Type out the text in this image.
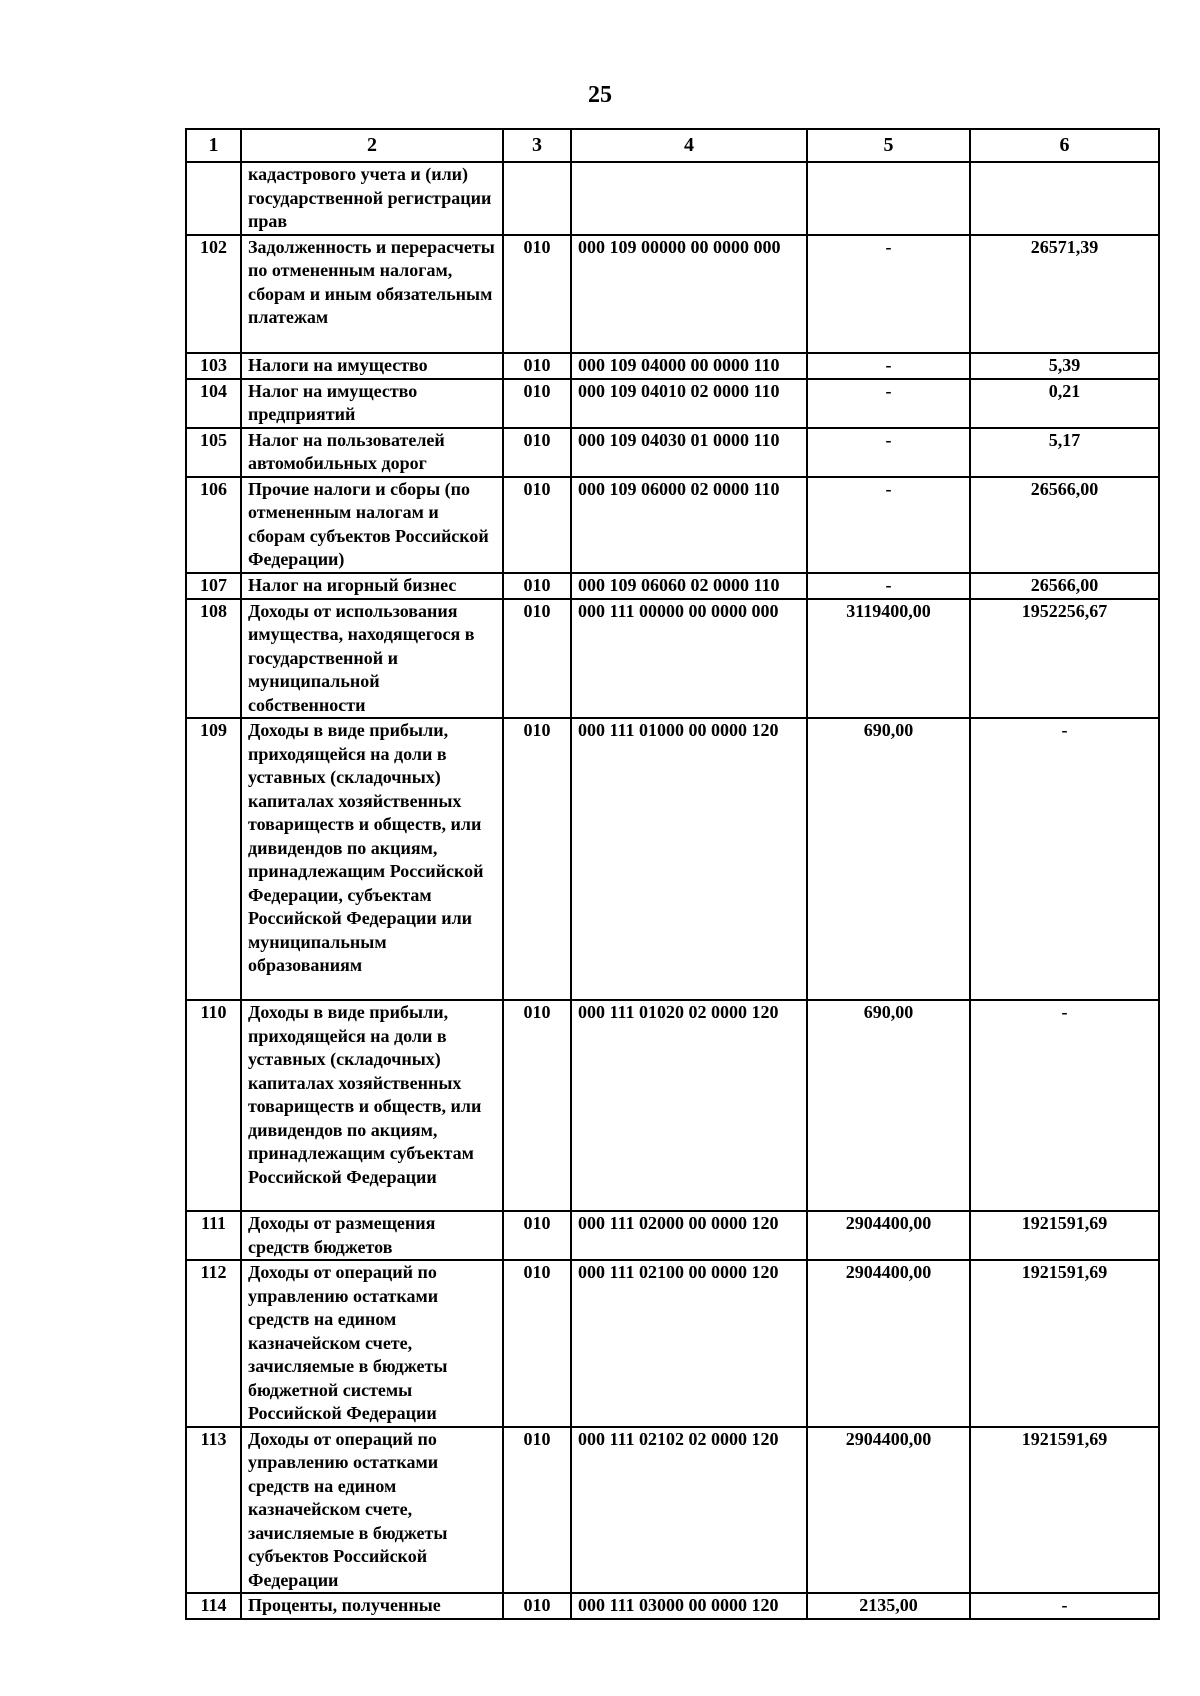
25
1	2	3	4	5	6
	кадастрового учета и (или) государственной регистрации прав				
102	Задолженность и перерасчеты по отмененным налогам, сборам и иным обязательным платежам	010	000 109 00000 00 0000 000	-	26571,39
103	Налоги на имущество	010	000 109 04000 00 0000 110	-	5,39
104	Налог на имущество предприятий	010	000 109 04010 02 0000 110	-	0,21
105	Налог на пользователей автомобильных дорог	010	000 109 04030 01 0000 110	-	5,17
106	Прочие налоги и сборы (по отмененным налогам и сборам субъектов Российской Федерации)	010	000 109 06000 02 0000 110	-	26566,00
107	Налог на игорный бизнес	010	000 109 06060 02 0000 110	-	26566,00
108	Доходы от использования имущества, находящегося в государственной и муниципальной собственности	010	000 111 00000 00 0000 000	3119400,00	1952256,67
109	Доходы в виде прибыли, приходящейся на доли в уставных (складочных) капиталах хозяйственных товариществ и обществ, или дивидендов по акциям, принадлежащим Российской Федерации, субъектам Российской Федерации или муниципальным образованиям	010	000 111 01000 00 0000 120	690,00	-
110	Доходы в виде прибыли, приходящейся на доли в уставных (складочных) капиталах хозяйственных товариществ и обществ, или дивидендов по акциям, принадлежащим субъектам Российской Федерации	010	000 111 01020 02 0000 120	690,00	-
111	Доходы от размещения средств бюджетов	010	000 111 02000 00 0000 120	2904400,00	1921591,69
112	Доходы от операций по управлению остатками средств на едином казначейском счете, зачисляемые в бюджеты бюджетной системы Российской Федерации	010	000 111 02100 00 0000 120	2904400,00	1921591,69
113	Доходы от операций по управлению остатками средств на едином казначейском счете, зачисляемые в бюджеты субъектов Российской Федерации	010	000 111 02102 02 0000 120	2904400,00	1921591,69
114	Проценты, полученные	010	000 111 03000 00 0000 120	2135,00	-
